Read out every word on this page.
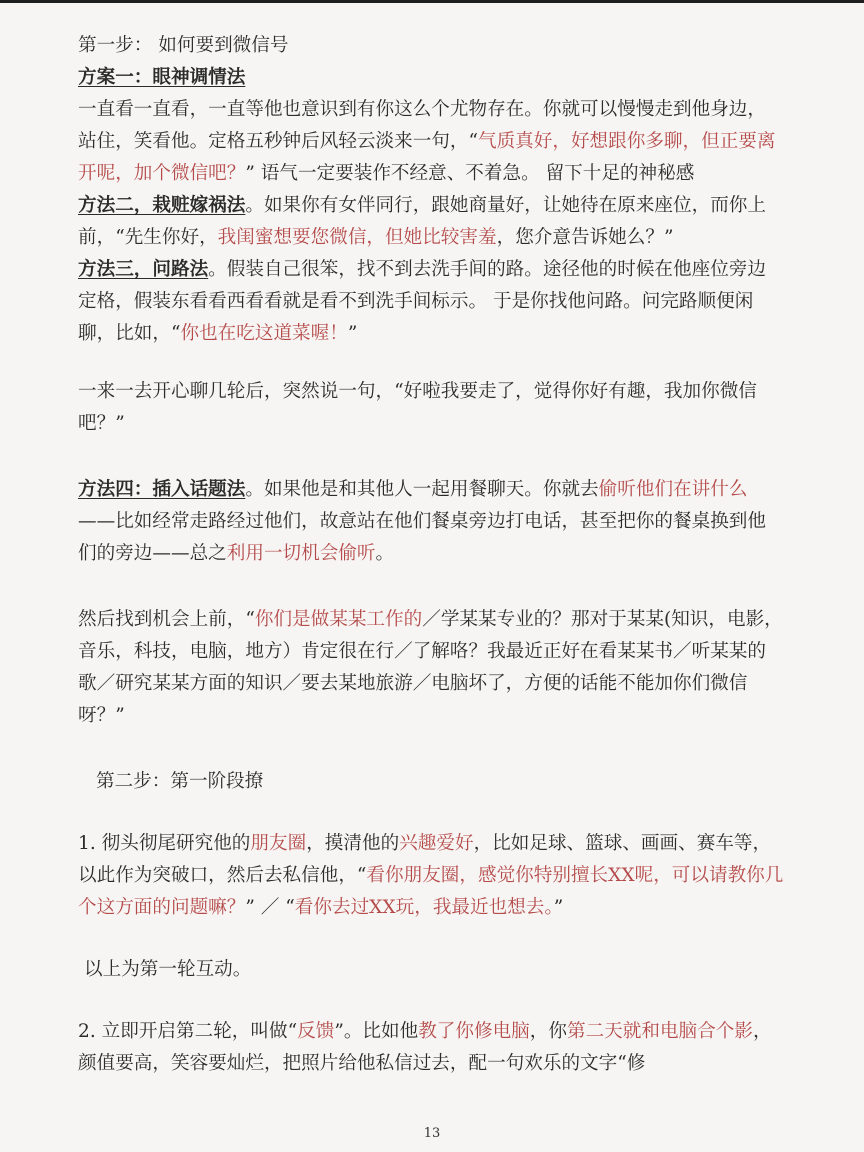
第一步： 如何要到微信号

方案一：眼神调情法

一直看一直看，一直等他也意识到有你这么个尤物存在。你就可以慢慢走到他身边，站住，笑看他。定格五秒钟后风轻云淡来一句，“气质真好，好想跟你多聊，但正要离开呢，加个微信吧？” 语气一定要装作不经意、不着急。 留下十足的神秘感

方法二，栽赃嫁祸法。如果你有女伴同行，跟她商量好，让她待在原来座位，而你上前，“先生你好，我闺蜜想要您微信，但她比较害羞，您介意告诉她么？”

方法三，问路法。假装自己很笨，找不到去洗手间的路。途径他的时候在他座位旁边定格，假装东看看西看看就是看不到洗手间标示。 于是你找他问路。问完路顺便闲聊，比如，“你也在吃这道菜喔！”

一来一去开心聊几轮后，突然说一句，“好啦我要走了，觉得你好有趣，我加你微信吧？”

方法四：插入话题法。如果他是和其他人一起用餐聊天。你就去偷听他们在讲什么——比如经常走路经过他们，故意站在他们餐桌旁边打电话，甚至把你的餐桌换到他们的旁边——总之利用一切机会偷听。

然后找到机会上前，“你们是做某某工作的／学某某专业的？那对于某某(知识，电影，音乐，科技，电脑，地方）肯定很在行／了解咯？我最近正好在看某某书／听某某的歌／研究某某方面的知识／要去某地旅游／电脑坏了，方便的话能不能加你们微信呀？”

第二步：第一阶段撩

1. 彻头彻尾研究他的朋友圈，摸清他的兴趣爱好，比如足球、篮球、画画、赛车等，以此作为突破口，然后去私信他，“看你朋友圈，感觉你特别擅长XX呢，可以请教你几个这方面的问题嘛？” ／ “看你去过XX玩，我最近也想去。”

以上为第一轮互动。

2. 立即开启第二轮，叫做“反馈”。比如他教了你修电脑，你第二天就和电脑合个影，颜值要高，笑容要灿烂，把照片给他私信过去，配一句欢乐的文字“修

13
